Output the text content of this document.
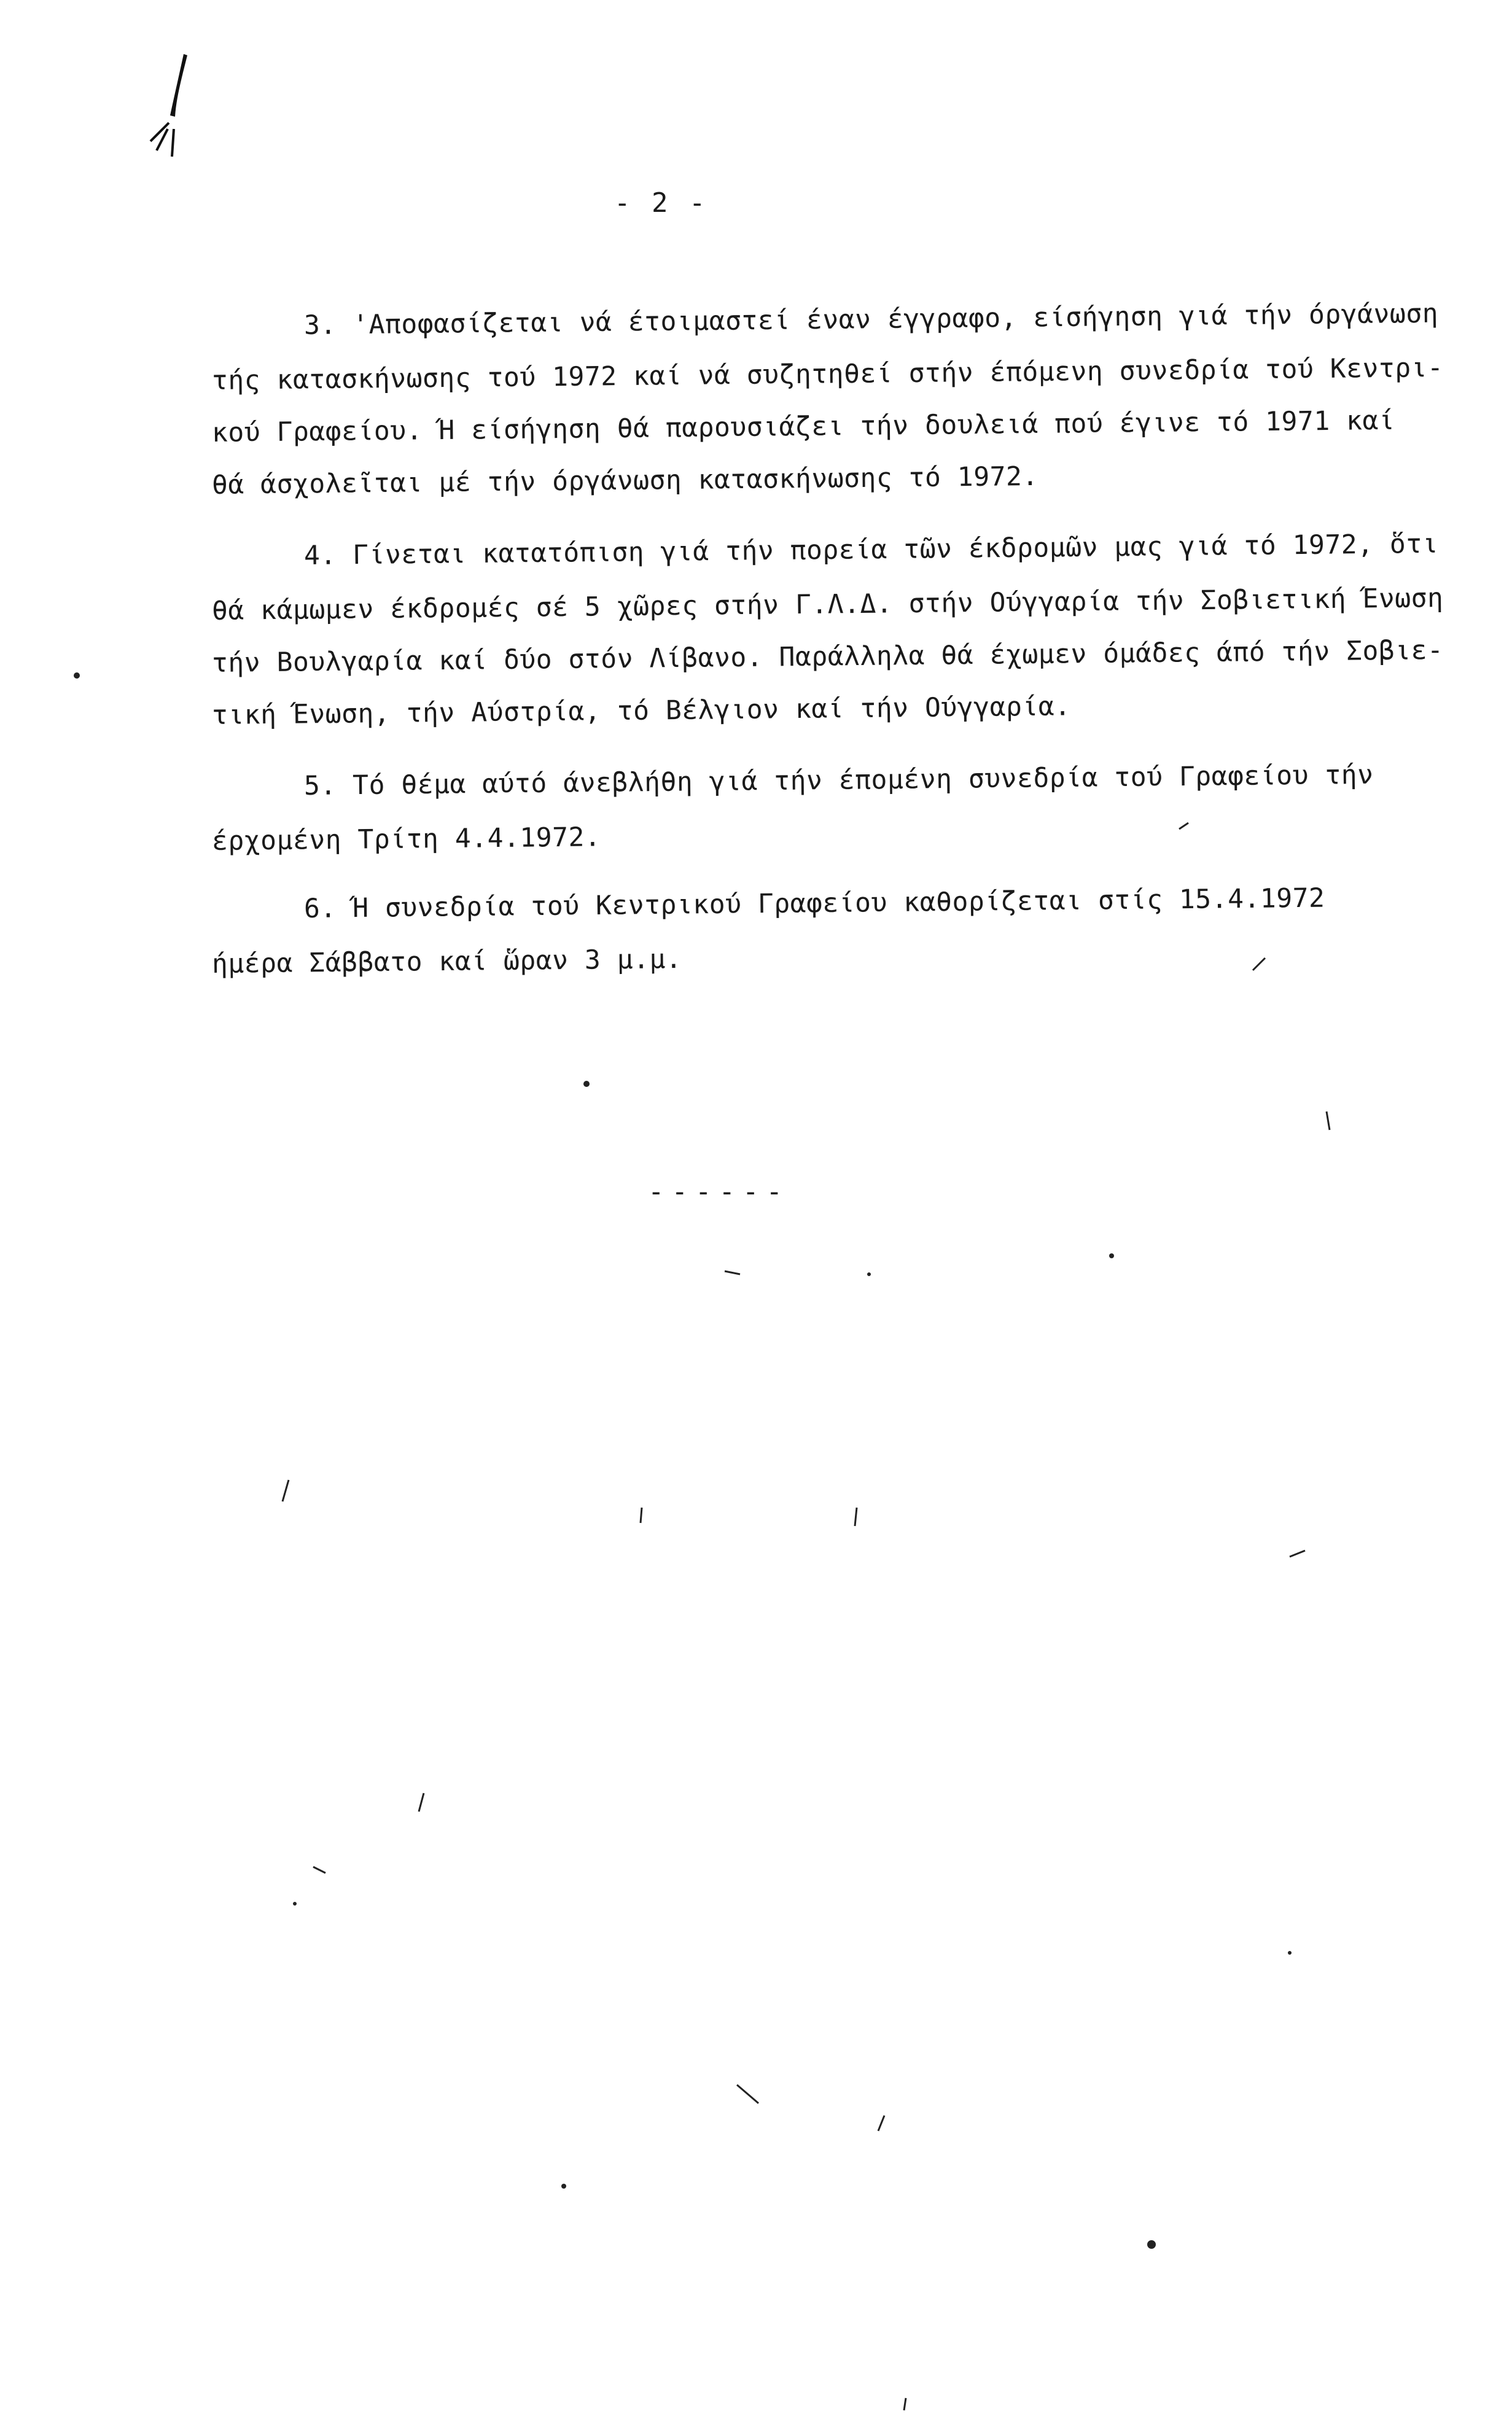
- 2 -
3. 'Αποφασίζεται νά έτοιμαστεί έναν έγγραφο, είσήγηση γιά τήν όργάνωση
τής κατασκήνωσης τού 1972 καί νά συζητηθεί στήν έπόμενη συνεδρία τού Κεντρι-
κού Γραφείου. Ή είσήγηση θά παρουσιάζει τήν δουλειά πού έγινε τό 1971 καί
θά άσχολεῖται μέ τήν όργάνωση κατασκήνωσης τό 1972.
4. Γίνεται κατατόπιση γιά τήν πορεία τῶν έκδρομῶν μας γιά τό 1972, ὅτι
θά κάμωμεν έκδρομές σέ 5 χῶρες στήν Γ.Λ.Δ. στήν Ούγγαρία τήν Σοβιετική Ένωση
τήν Βουλγαρία καί δύο στόν Λίβανο. Παράλληλα θά έχωμεν όμάδες άπό τήν Σοβιε-
τική Ένωση, τήν Αύστρία, τό Βέλγιον καί τήν Ούγγαρία.
5. Τό θέμα αύτό άνεβλήθη γιά τήν έπομένη συνεδρία τού Γραφείου τήν
έρχομένη Τρίτη 4.4.1972.
6. Ή συνεδρία τού Κεντρικού Γραφείου καθορίζεται στίς 15.4.1972
ήμέρα Σάββατο καί ὥραν 3 μ.μ.
------
